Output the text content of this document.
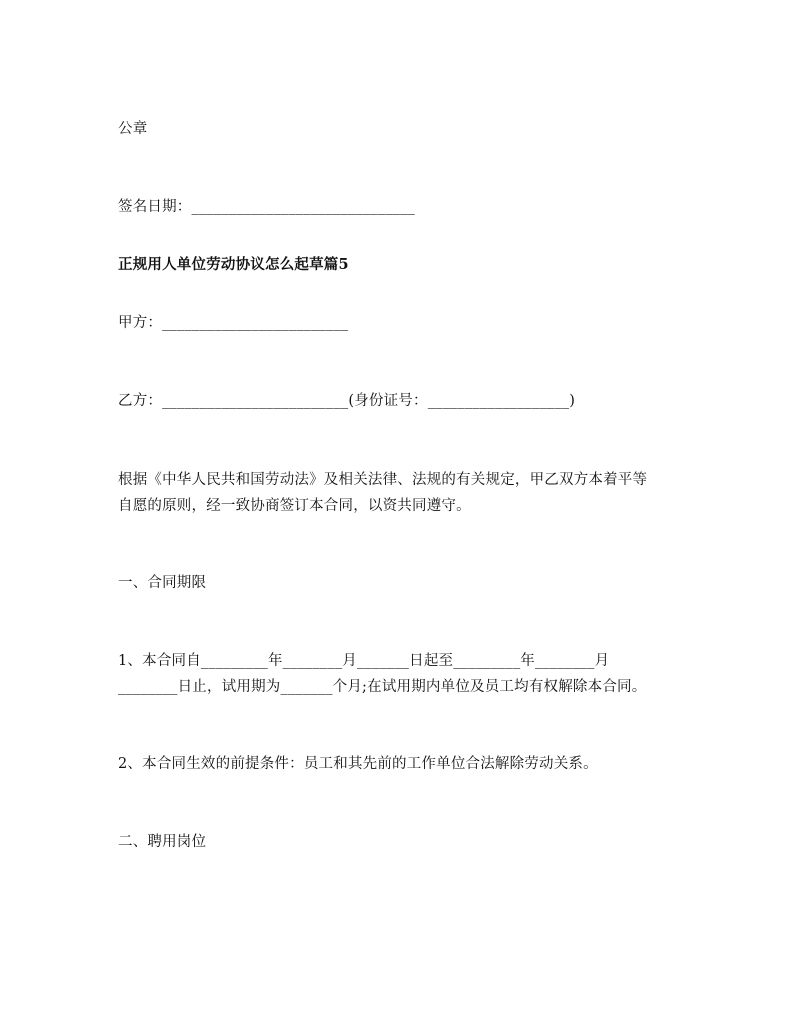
公章
签名日期：______________________________
正规用人单位劳动协议怎么起草篇5
甲方：_________________________
乙方：_________________________(身份证号：___________________)
根据《中华人民共和国劳动法》及相关法律、法规的有关规定，甲乙双方本着平等
自愿的原则，经一致协商签订本合同，以资共同遵守。
一、合同期限
1、本合同自_________年________月_______日起至_________年________月
________日止，试用期为_______个月;在试用期内单位及员工均有权解除本合同。
2、本合同生效的前提条件：员工和其先前的工作单位合法解除劳动关系。
二、聘用岗位
